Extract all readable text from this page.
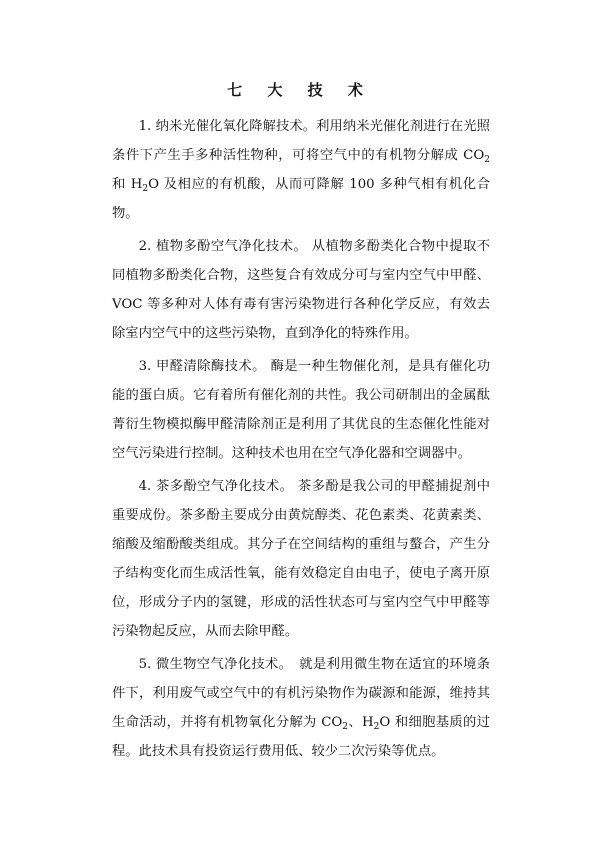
七 大 技 术

1. 纳米光催化氧化降解技术。利用纳米光催化剂进行在光照条件下产生手多种活性物种，可将空气中的有机物分解成 $CO_2$ 和 $H_2O$ 及相应的有机酸，从而可降解 100 多种气相有机化合物。

2. 植物多酚空气净化技术。 从植物多酚类化合物中提取不同植物多酚类化合物，这些复合有效成分可与室内空气中甲醛、VOC 等多种对人体有毒有害污染物进行各种化学反应，有效去除室内空气中的这些污染物，直到净化的特殊作用。

3. 甲醛清除酶技术。 酶是一种生物催化剂，是具有催化功能的蛋白质。它有着所有催化剂的共性。我公司研制出的金属酞菁衍生物模拟酶甲醛清除剂正是利用了其优良的生态催化性能对空气污染进行控制。这种技术也用在空气净化器和空调器中。

4. 茶多酚空气净化技术。 茶多酚是我公司的甲醛捕捉剂中重要成份。茶多酚主要成分由黄烷醇类、花色素类、花黄素类、缩酸及缩酚酸类组成。其分子在空间结构的重组与螯合，产生分子结构变化而生成活性氧，能有效稳定自由电子，使电子离开原位，形成分子内的氢键，形成的活性状态可与室内空气中甲醛等污染物起反应，从而去除甲醛。

5. 微生物空气净化技术。　就是利用微生物在适宜的环境条件下，利用废气或空气中的有机污染物作为碳源和能源，维持其生命活动，并将有机物氧化分解为 $CO_2$、$H_2O$ 和细胞基质的过程。此技术具有投资运行费用低、较少二次污染等优点。
